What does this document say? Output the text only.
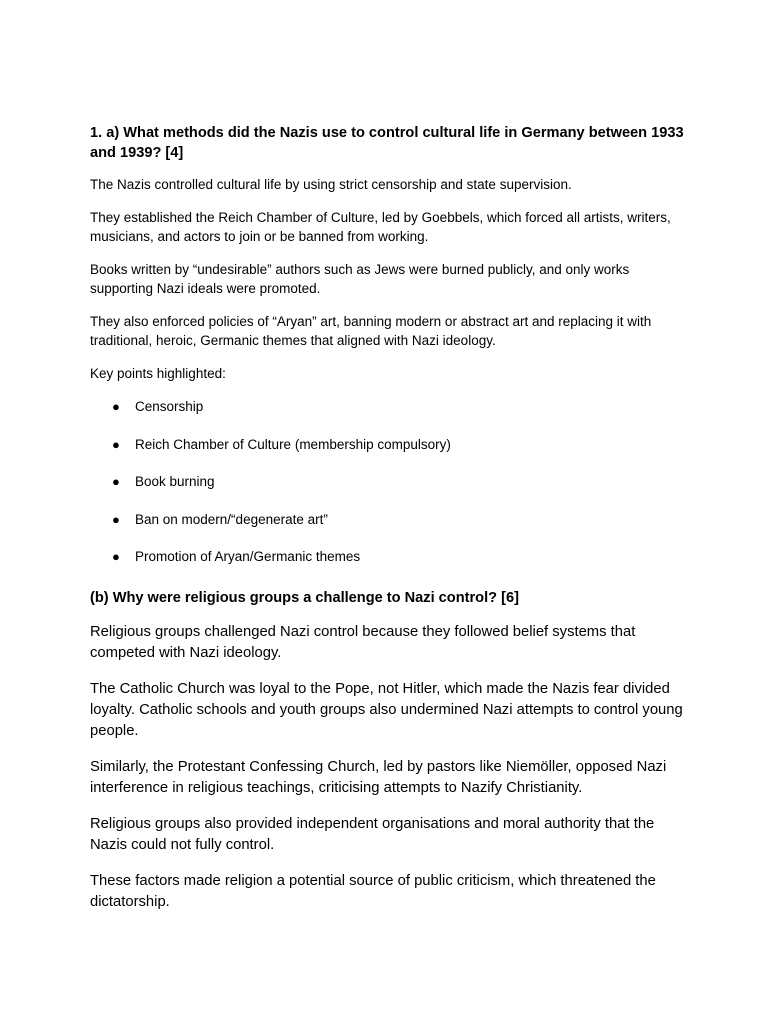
1. a) What methods did the Nazis use to control cultural life in Germany between 1933 and 1939? [4]

The Nazis controlled cultural life by using strict censorship and state supervision.

They established the Reich Chamber of Culture, led by Goebbels, which forced all artists, writers, musicians, and actors to join or be banned from working.

Books written by “undesirable” authors such as Jews were burned publicly, and only works supporting Nazi ideals were promoted.

They also enforced policies of “Aryan” art, banning modern or abstract art and replacing it with traditional, heroic, Germanic themes that aligned with Nazi ideology.

Key points highlighted:

● Censorship
● Reich Chamber of Culture (membership compulsory)
● Book burning
● Ban on modern/“degenerate art”
● Promotion of Aryan/Germanic themes
(b) Why were religious groups a challenge to Nazi control? [6]

Religious groups challenged Nazi control because they followed belief systems that competed with Nazi ideology.

The Catholic Church was loyal to the Pope, not Hitler, which made the Nazis fear divided loyalty. Catholic schools and youth groups also undermined Nazi attempts to control young people.

Similarly, the Protestant Confessing Church, led by pastors like Niemöller, opposed Nazi interference in religious teachings, criticising attempts to Nazify Christianity.

Religious groups also provided independent organisations and moral authority that the Nazis could not fully control.

These factors made religion a potential source of public criticism, which threatened the dictatorship.
